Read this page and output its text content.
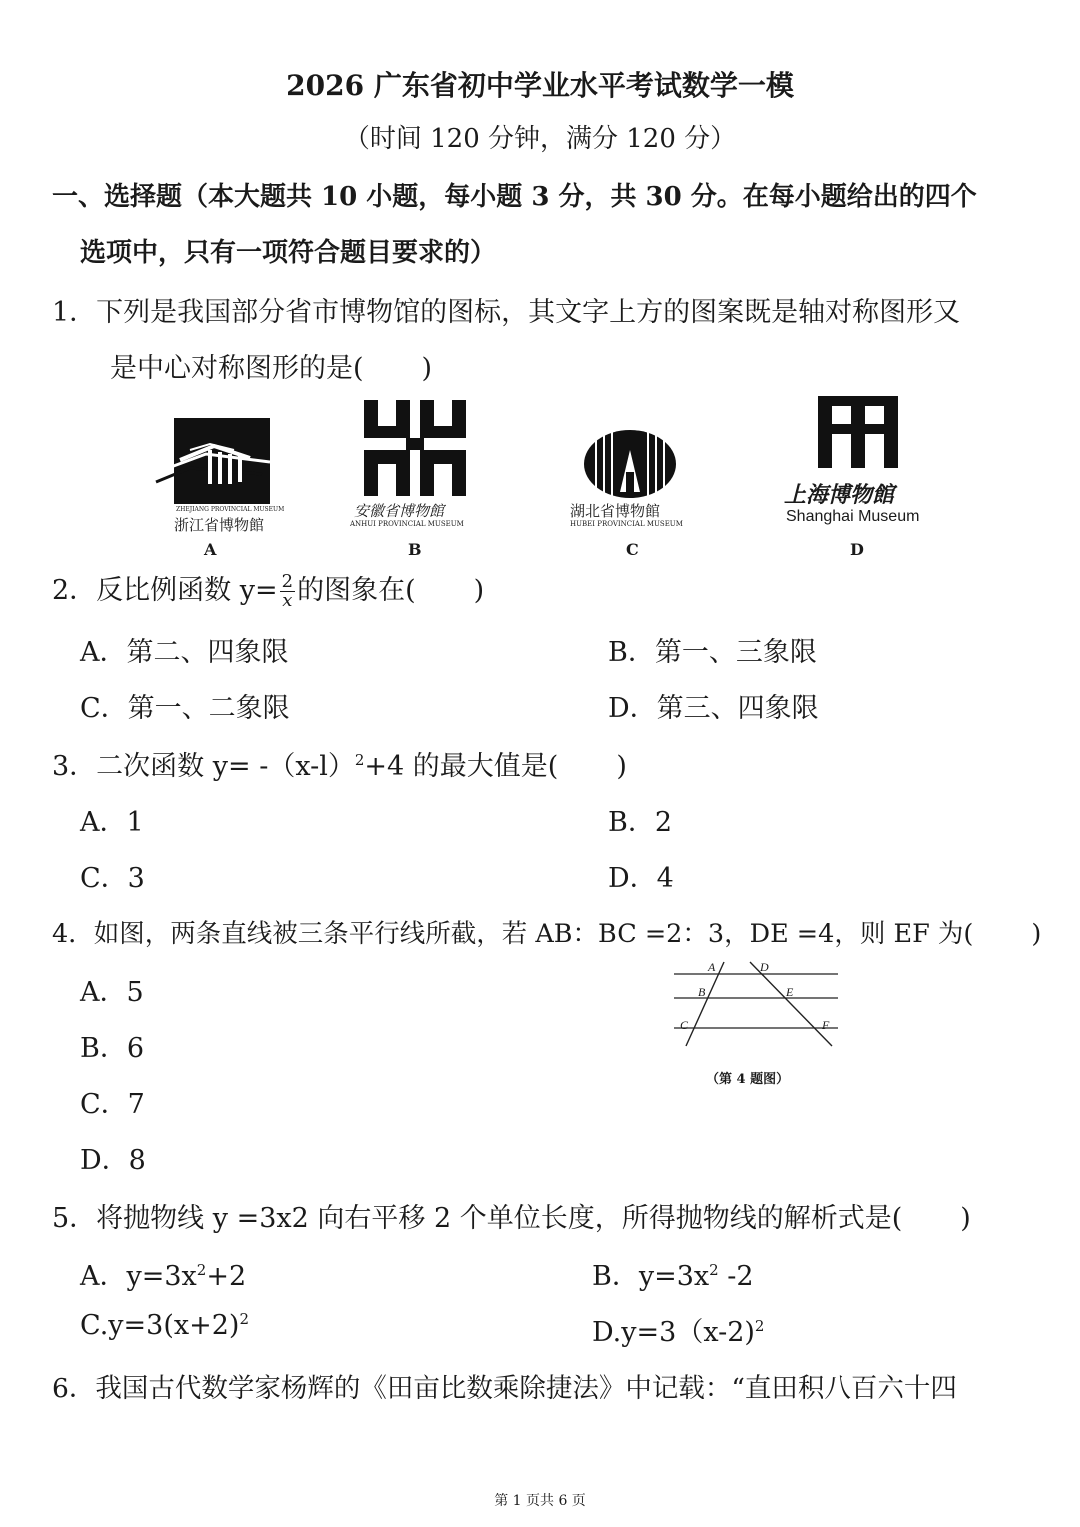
2026 广东省初中学业水平考试数学一模
（时间 120 分钟，满分 120 分）
一、选择题（本大题共 10 小题，每小题 3 分，共 30 分。在每小题给出的四个
选项中，只有一项符合题目要求的）
1．下列是我国部分省市博物馆的图标，其文字上方的图案既是轴对称图形又
是中心对称图形的是( )
ZHEJIANG PROVINCIAL MUSEUM
浙江省博物館
A
安徽省博物館
ANHUI PROVINCIAL MUSEUM
B
湖北省博物館
HUBEI PROVINCIAL MUSEUM
C
上海博物館
Shanghai Museum
D
2．反比例函数 $y= \frac{2}{x}$ 的图象在( )
A．第二、四象限	B．第一、三象限
C．第一、二象限	D．第三、四象限
3．二次函数 $y= -(x-l)^2+4$ 的最大值是( )
A．1	B．2
C．3	D．4
4．如图，两条直线被三条平行线所截，若 AB：BC =2：3，DE =4，则 EF 为( )
A．5
B．6
C．7
D．8
A	D
B	E
C	F
（第 4 题图）
5．将抛物线 y =3x2 向右平移 2 个单位长度，所得抛物线的解析式是( )
A．$y=3x^2+2$	B．$y=3x^2$ -2
$C.y=3(x+2)^2$	D.y=3（x-2)$^2$
6．我国古代数学家杨辉的《田亩比数乘除捷法》中记载：“直田积八百六十四
第 1 页共 6 页
